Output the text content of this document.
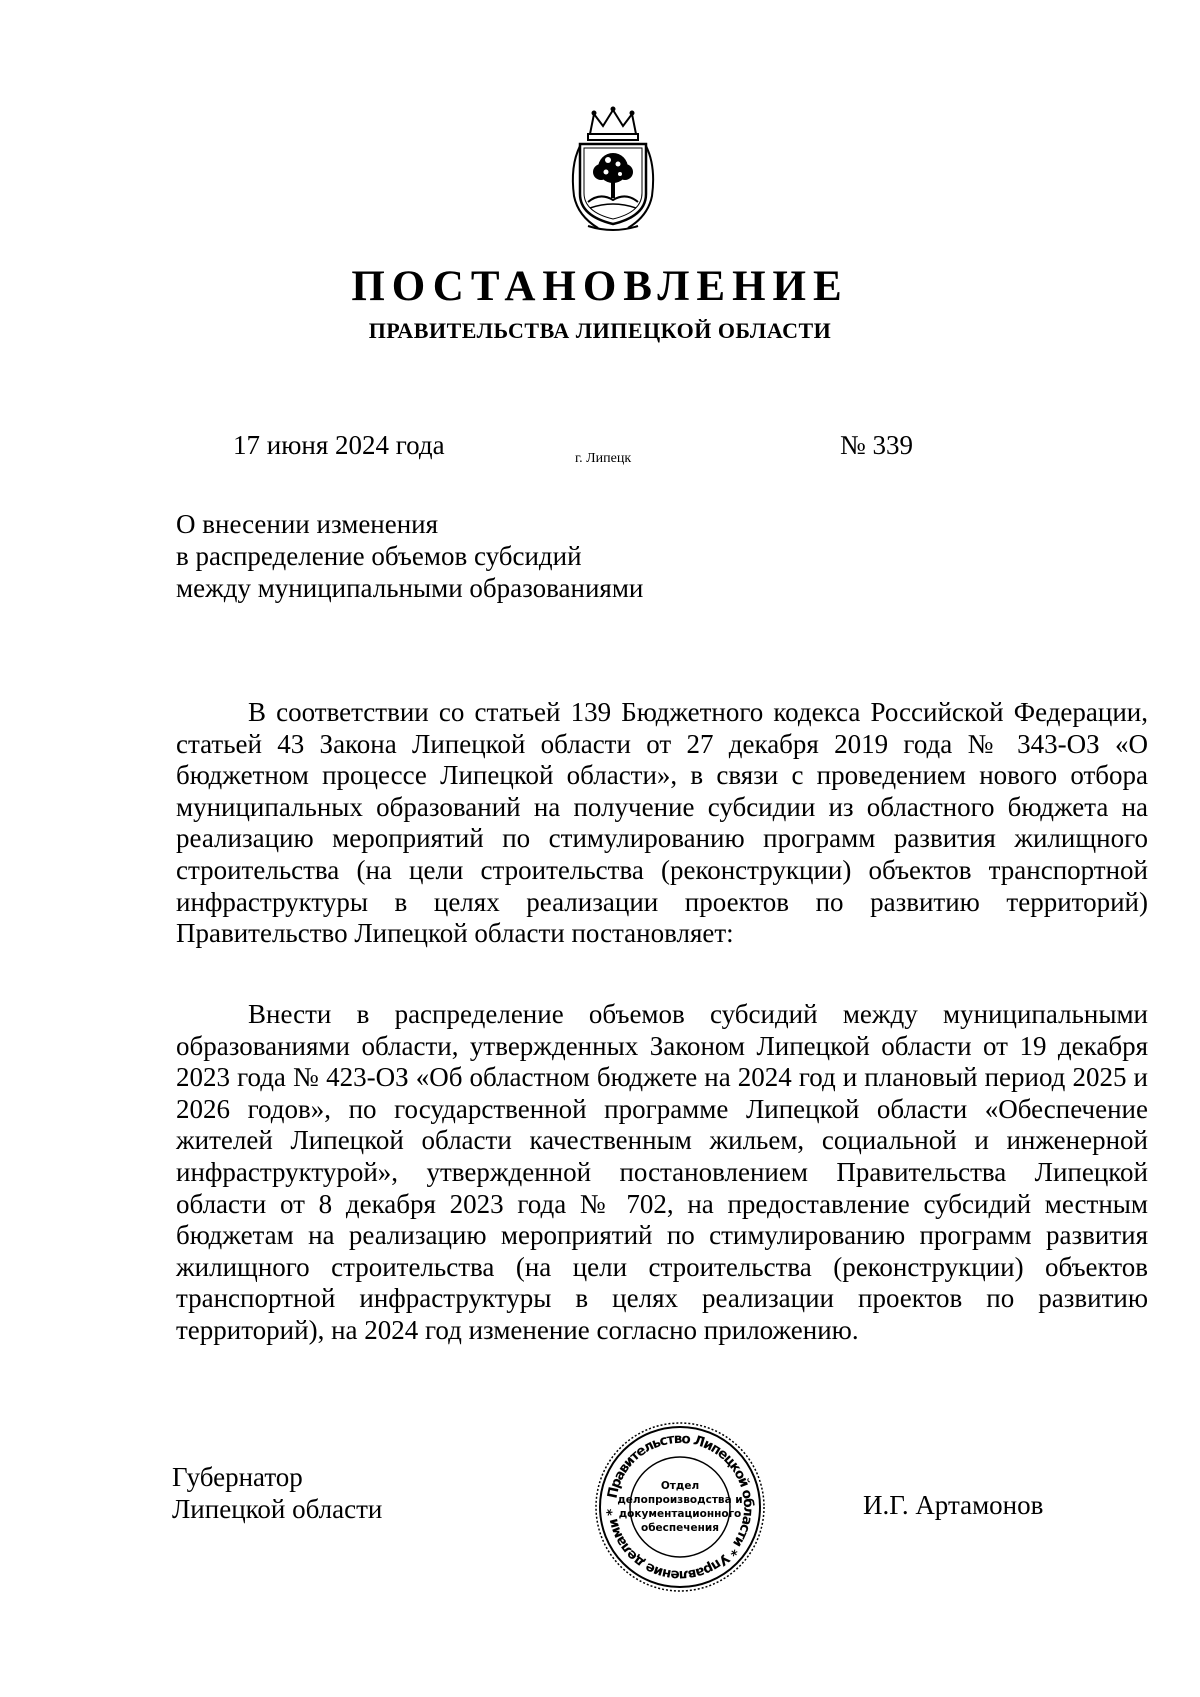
ПОСТАНОВЛЕНИЕ
ПРАВИТЕЛЬСТВА ЛИПЕЦКОЙ ОБЛАСТИ
17 июня 2024 года	г. Липецк	№ 339
О внесении изменения
в распределение объемов субсидий
между муниципальными образованиями

В соответствии со статьей 139 Бюджетного кодекса Российской Федерации, статьей 43 Закона Липецкой области от 27 декабря 2019 года № 343-ОЗ «О бюджетном процессе Липецкой области», в связи с проведением нового отбора муниципальных образований на получение субсидии из областного бюджета на реализацию мероприятий по стимулированию программ развития жилищного строительства (на цели строительства (реконструкции) объектов транспортной инфраструктуры в целях реализации проектов по развитию территорий) Правительство Липецкой области постановляет:

Внести в распределение объемов субсидий между муниципальными образованиями области, утвержденных Законом Липецкой области от 19 декабря 2023 года № 423-ОЗ «Об областном бюджете на 2024 год и плановый период 2025 и 2026 годов», по государственной программе Липецкой области «Обеспечение жителей Липецкой области качественным жильем, социальной и инженерной инфраструктурой», утвержденной постановлением Правительства Липецкой области от 8 декабря 2023 года № 702, на предоставление субсидий местным бюджетам на реализацию мероприятий по стимулированию программ развития жилищного строительства (на цели строительства (реконструкции) объектов транспортной инфраструктуры в целях реализации проектов по развитию территорий), на 2024 год изменение согласно приложению.

Губернатор
Липецкой области
Правительство Липецкой области * Управление делами *
Отдел
делопроизводства и
документационного
обеспечения
И.Г. Артамонов
